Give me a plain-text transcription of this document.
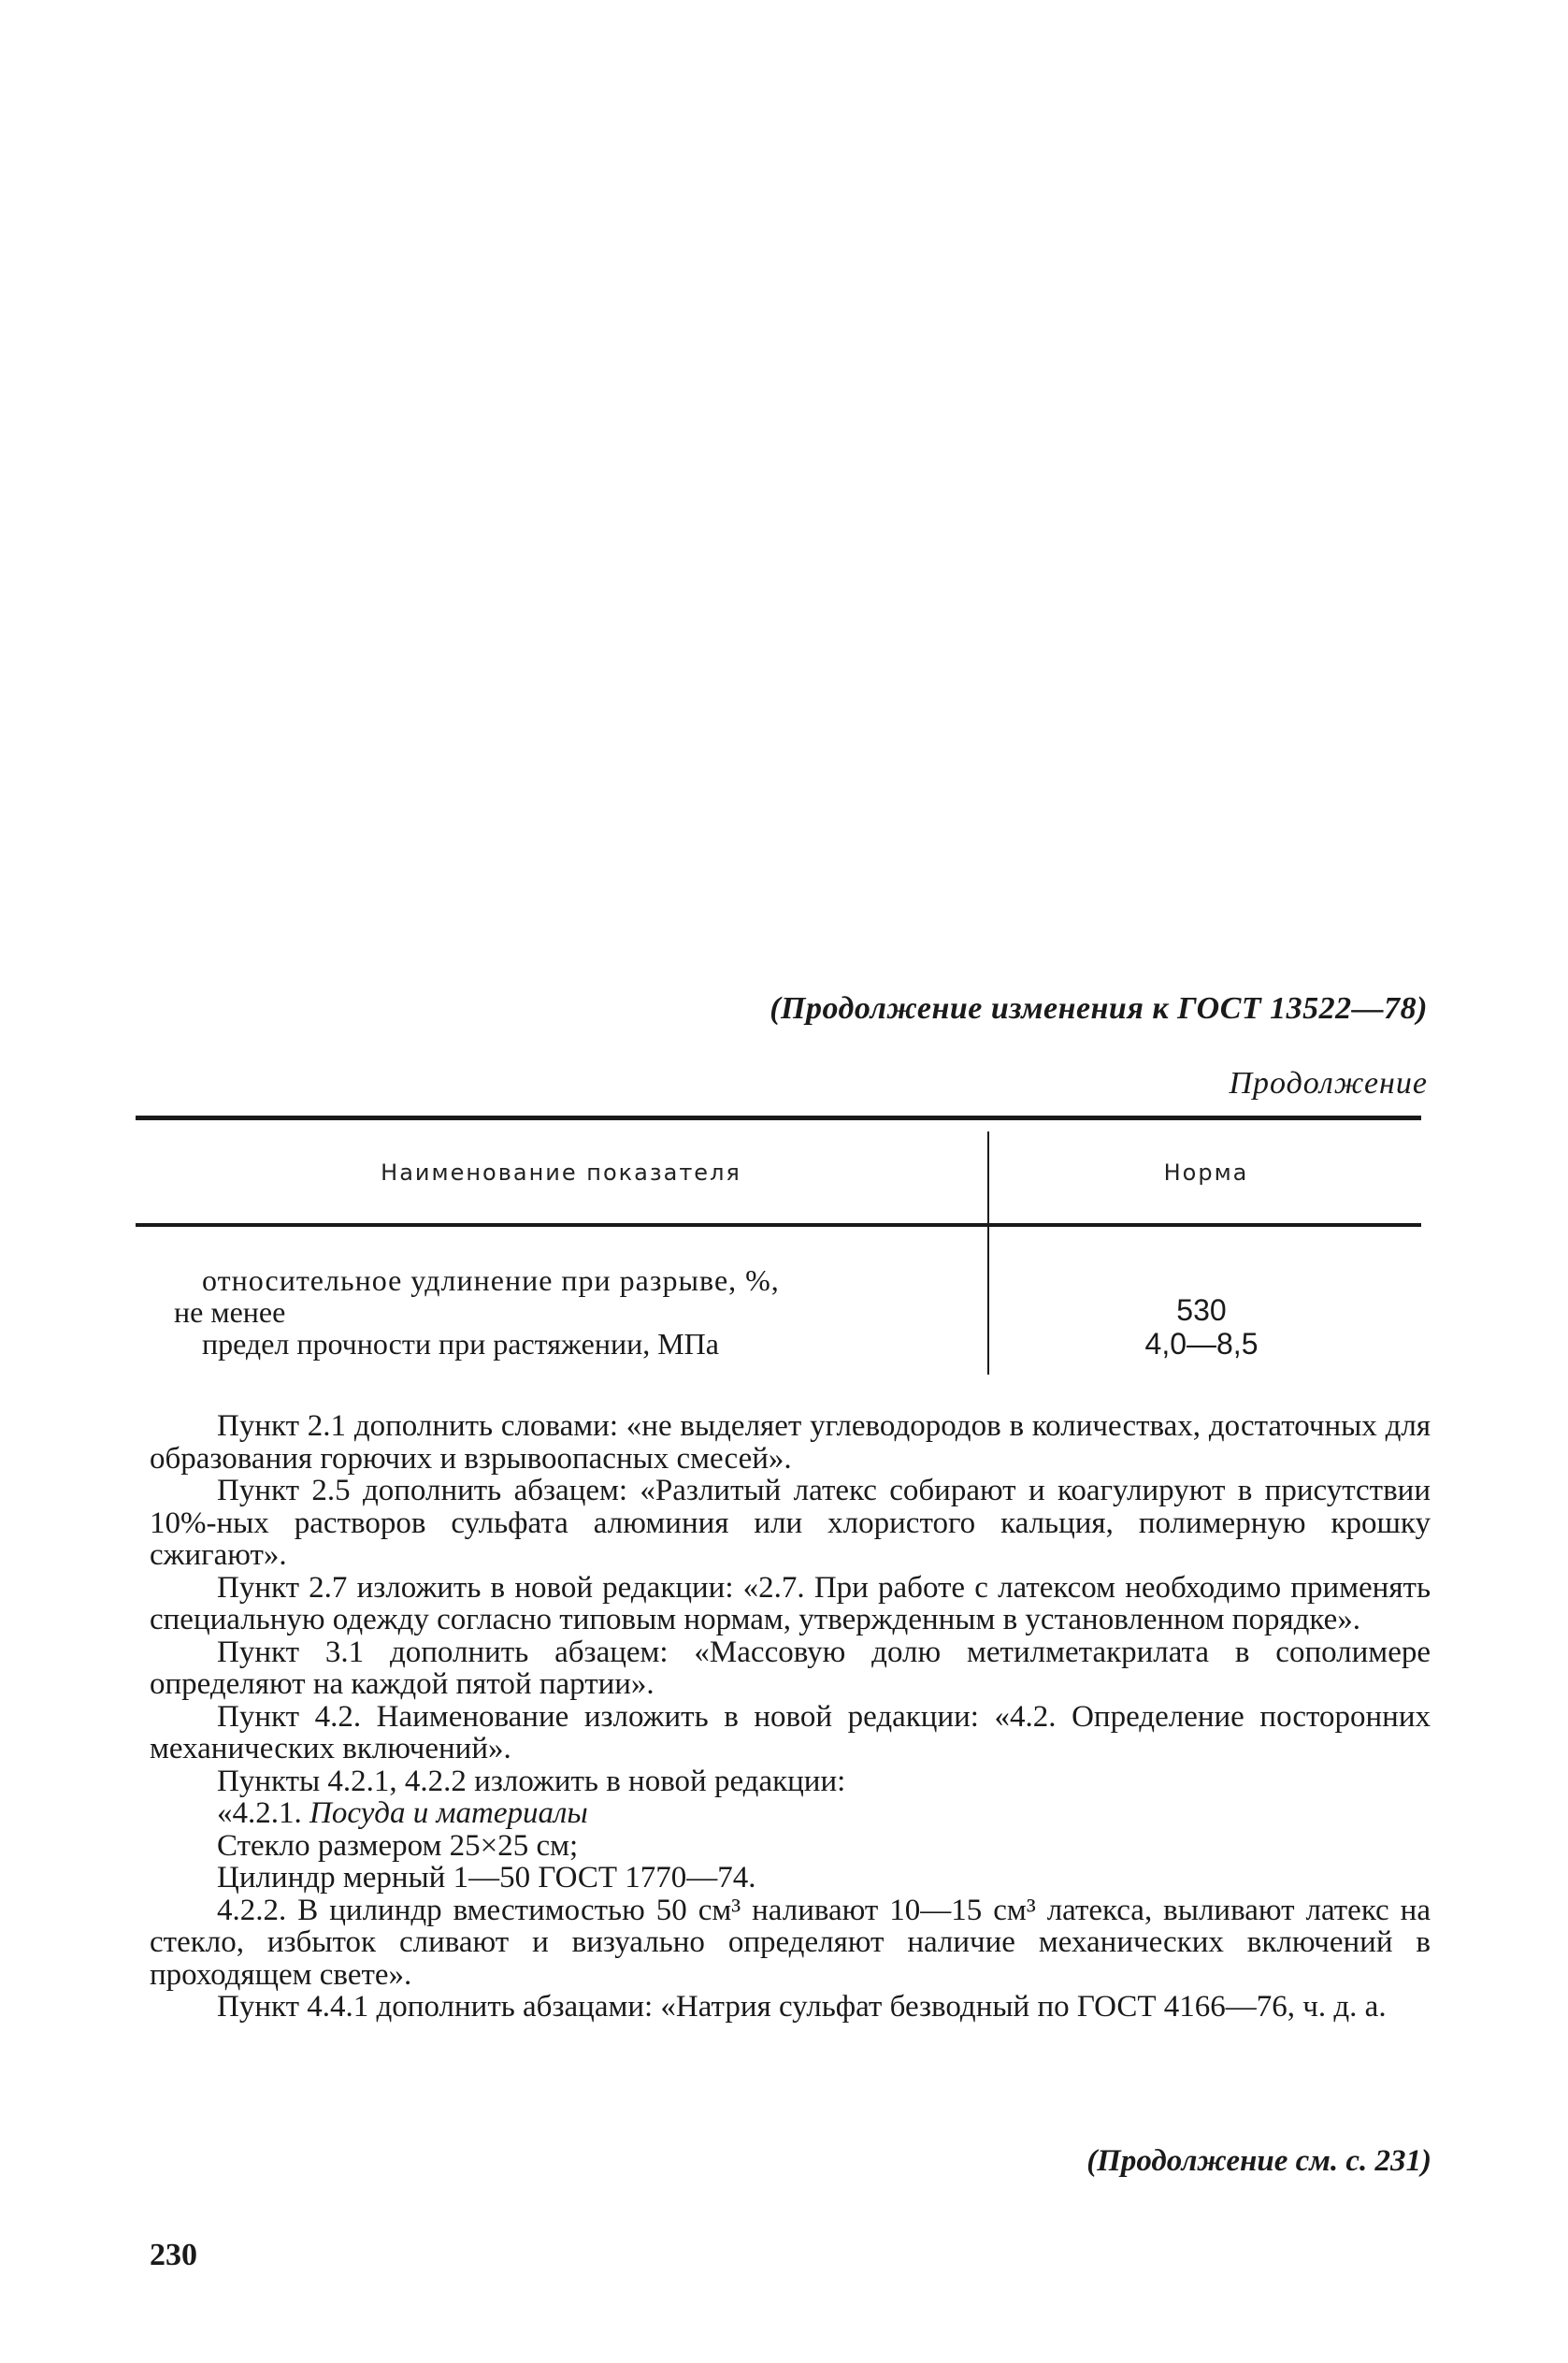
(Продолжение изменения к ГОСТ 13522—78)
Продолжение
Наименование показателя	Норма
относительное удлинение при разрыве, %,
не менее	530
предел прочности при растяжении, МПа	4,0—8,5

Пункт 2.1 дополнить словами: «не выделяет углеводородов в количествах, достаточных для образования горючих и взрывоопасных смесей».

Пункт 2.5 дополнить абзацем: «Разлитый латекс собирают и коагулируют в присутствии 10%-ных растворов сульфата алюминия или хлористого кальция, полимерную крошку сжигают».

Пункт 2.7 изложить в новой редакции: «2.7. При работе с латексом необходимо применять специальную одежду согласно типовым нормам, утвержденным в установленном порядке».

Пункт 3.1 дополнить абзацем: «Массовую долю метилметакрилата в сополимере определяют на каждой пятой партии».

Пункт 4.2. Наименование изложить в новой редакции: «4.2. Определение посторонних механических включений».

Пункты 4.2.1, 4.2.2 изложить в новой редакции:

«4.2.1. Посуда и материалы

Стекло размером 25×25 см;

Цилиндр мерный 1—50 ГОСТ 1770—74.

4.2.2. В цилиндр вместимостью 50 см³ наливают 10—15 см³ латекса, выливают латекс на стекло, избыток сливают и визуально определяют наличие механических включений в проходящем свете».

Пункт 4.4.1 дополнить абзацами: «Натрия сульфат безводный по ГОСТ 4166—76, ч. д. а.

(Продолжение см. с. 231)
230
